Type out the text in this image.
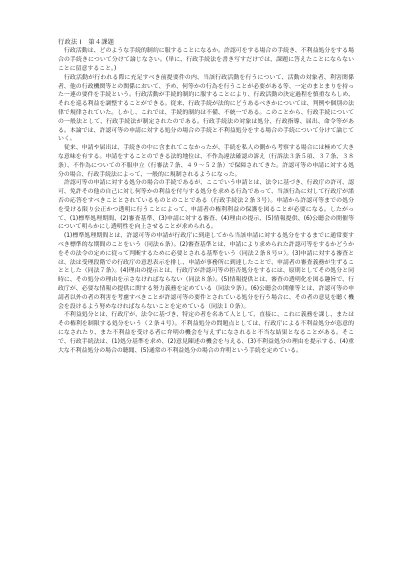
行政法 I　第４課題

行政活動は、どのような手続的制約に服することになるか。許認可をする場合の手続き、不利益処分をする場合の手続きについて分けて論じなさい。(単に、行政手続法を書き写すだけでは、課題に答えたことにならないことに留意すること。)

行政活動が行われる際に充足すべき前提要件の内、当該行政活動を行うについて、活動の対象者、利害関係者、他の行政機関等との関係において、予め、何等かの行為を行うことが必要がある等、一定のまとまりを持った一連の要件を手続という。行政活動が手続的制約に服することにより、行政活動の決定過程を慎重ならしめ、それを巡る利益を調整することができる。従来、行政手続が法的にどうあるべきかについては、判例や個別の法律で規律されていた。しかし、これでは、手続的制約は不備、不統一である。このことから、行政手続についての一般法として、行政手続法が制定されたのである。行政手続法の対象は処分、行政指導、届出、命令等がある。本論では、許認可等の申請に対する処分の場合の手続と不利益処分をする場合の手続について分けて論じていく。

従来、申請や届出は、手続きの中に含まれてこなかったが、手続を私人の側から考察する場合には極めて大きな意味を有する。申請をすることのできる法的地位は、不作為違法確認の訴え（行訴法３条５項、３７条、３８条）、不作為についての不服申立（行審法７条、４９〜５２条）で保障されてきた。許認可等の申請に対する処分の場合、行政手続法によって、一般的に規制されるようになった。

許認可等の申請に対する処分の場合の手続であるが、ここでいう申請とは、法令に基づき、行政庁の許可、認可、免許その他の自己に対し何等かの利益を付与する処分を求める行為であって、当該行為に対して行政庁が諾否の応答をすべきこととされているものとのことである（行政手続法２条３号）。申請から許認可等までの処分を受ける限り公正かつ透明に行うことによって、申請者の権利利益の保護を図ることが必要になる。したがって、(1)標準処理期間、(2)審査基準、(3)申請に対する審査、(4)理由の提示、(5)情報提供、(6)公聴会の開催等について明らかにし透明性を向上させることが求められる。

(1)標準処理期間とは、許認可等の申請が行政庁に到達してから当該申請に対する処分をするまでに通常要すべき標準的な期間のことをいう（同法６条）。(2)審査基準とは、申請により求められた許認可等をするかどうかをその法令の定めに従って判断するために必要とされる基準をいう（同法２条８号ロ）。(3)申請に対する審査とは、法は受理段階での行政庁の意思表示を排し、申請が事務所に到達したことで、申請者の審査義務が生ずることとした（同法７条）。(4)理由の提示とは、行政庁が許認可等の拒否処分をするには、原則としてその処分と同時に、その処分の理由を示さなければならない（同法８条）。(5)情報提供とは、審査の透明化を図る趣旨で、行政庁が、必要な情報の提供に関する努力義務を定めている（同法９条）。(6)公聴会の開催等とは、許認可等の申請者以外の者の利害を考慮すべきことが許認可等の要件とされている処分を行う場合に、その者の意見を聴く機会を設けるよう努めなければならないことを定めている（同法１０条）。

不利益処分とは、行政庁が、法令に基づき、特定の者を名あて人として、直接に、これに義務を課し、またはその権利を制限する処分をいう（２条４号）。不利益処分の問題点としては、行政庁による不利益処分が恣意的になされたり、また不利益を受ける者に弁明の機会を与えずになされると不当な結果となることがある。そこで、行政手続法は、(1)処分基準を求め、(2)意見陳述の機会を与える、(3)不利益処分の理由を提示する、(4)重大な不利益処分の場合の聴聞、(5)通常の不利益処分の場合の弁明という手続を定めている。
